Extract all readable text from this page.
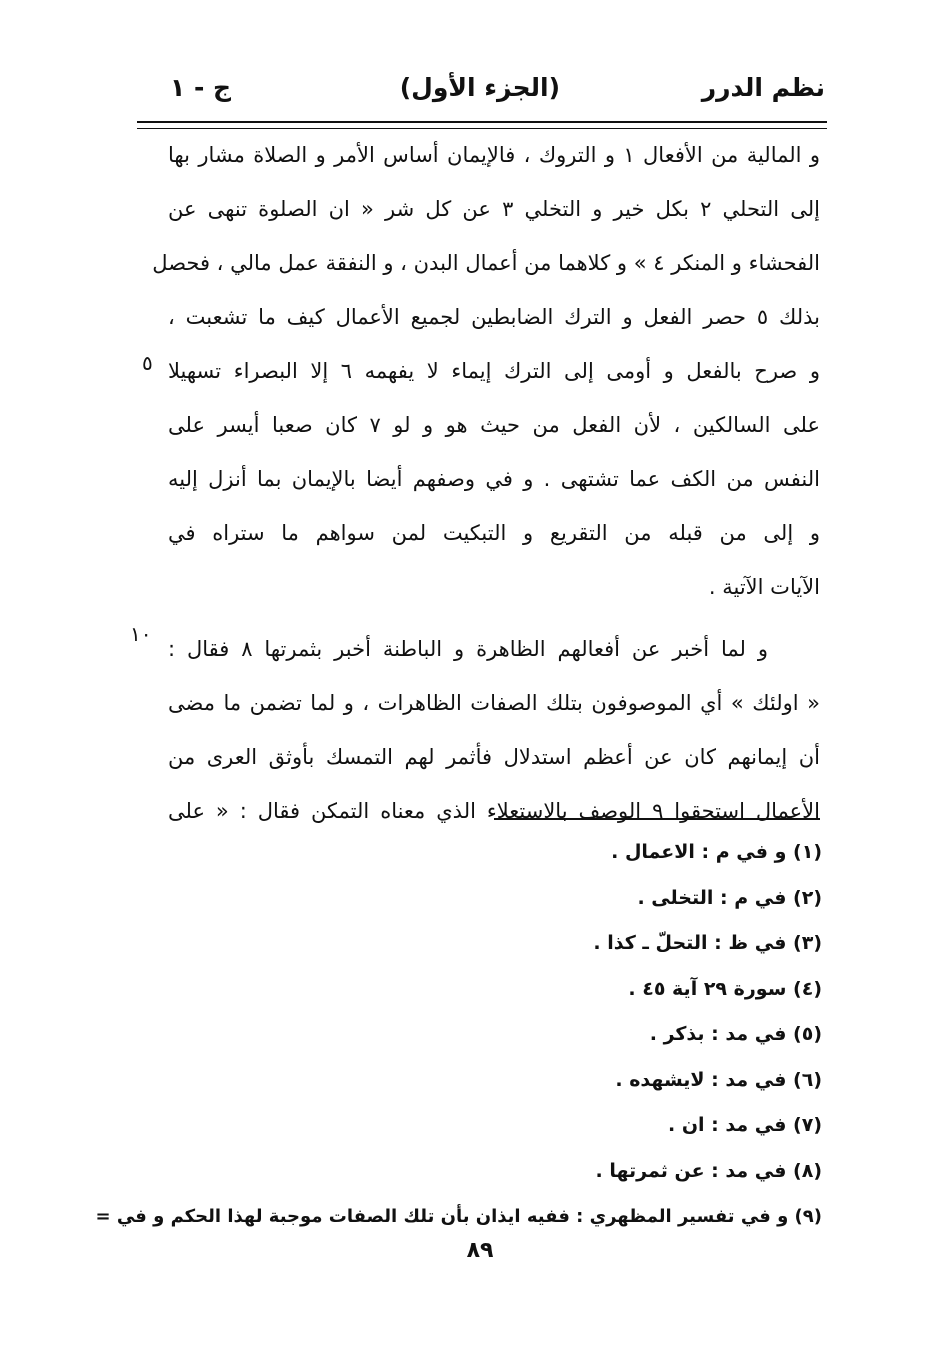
نظم الدرر
(الجزء الأول)
ج - ١
و المالية من الأفعال ١ و التروك ، فالإيمان أساس الأمر و الصلاة مشار بها
إلى التحلي ٢ بكل خير و التخلي ٣ عن كل شر « ان الصلوة تنهى عن
الفحشاء و المنكر ٤ » و كلاهما من أعمال البدن ، و النفقة عمل مالي ، فحصل
بذلك ٥ حصر الفعل و الترك الضابطين لجميع الأعمال كيف ما تشعبت ،
و صرح بالفعل و أومى إلى الترك إيماء لا يفهمه ٦ إلا البصراء تسهيلا
على السالكين ، لأن الفعل من حيث هو و لو ٧ كان صعبا أيسر على
النفس من الكف عما تشتهى . و في وصفهم أيضا بالإيمان بما أنزل إليه
و إلى من قبله من التقريع و التبكيت لمن سواهم ما ستراه في
الآيات الآتية .
و لما أخبر عن أفعالهم الظاهرة و الباطنة أخبر بثمرتها ٨ فقال :
« اولئك » أي الموصوفون بتلك الصفات الظاهرات ، و لما تضمن ما مضى
أن إيمانهم كان عن أعظم استدلال فأثمر لهم التمسك بأوثق العرى من
الأعمال استحقوا ٩ الوصف بالاستعلاء الذي معناه التمكن فقال : « على
٥
١٠
(١) و في م : الاعمال .
(٢) في م : التخلى .
(٣) في ظ : التحلّ ـ كذا .
(٤) سورة ٢٩ آية ٤٥ .
(٥) في مد : بذكر .
(٦) في مد : لايشهده .
(٧) في مد : ان .
(٨) في مد : عن ثمرتها .
(٩) و في تفسير المظهري : ففيه ايذان بأن تلك الصفات موجبة لهذا الحكم و في =
٨٩
